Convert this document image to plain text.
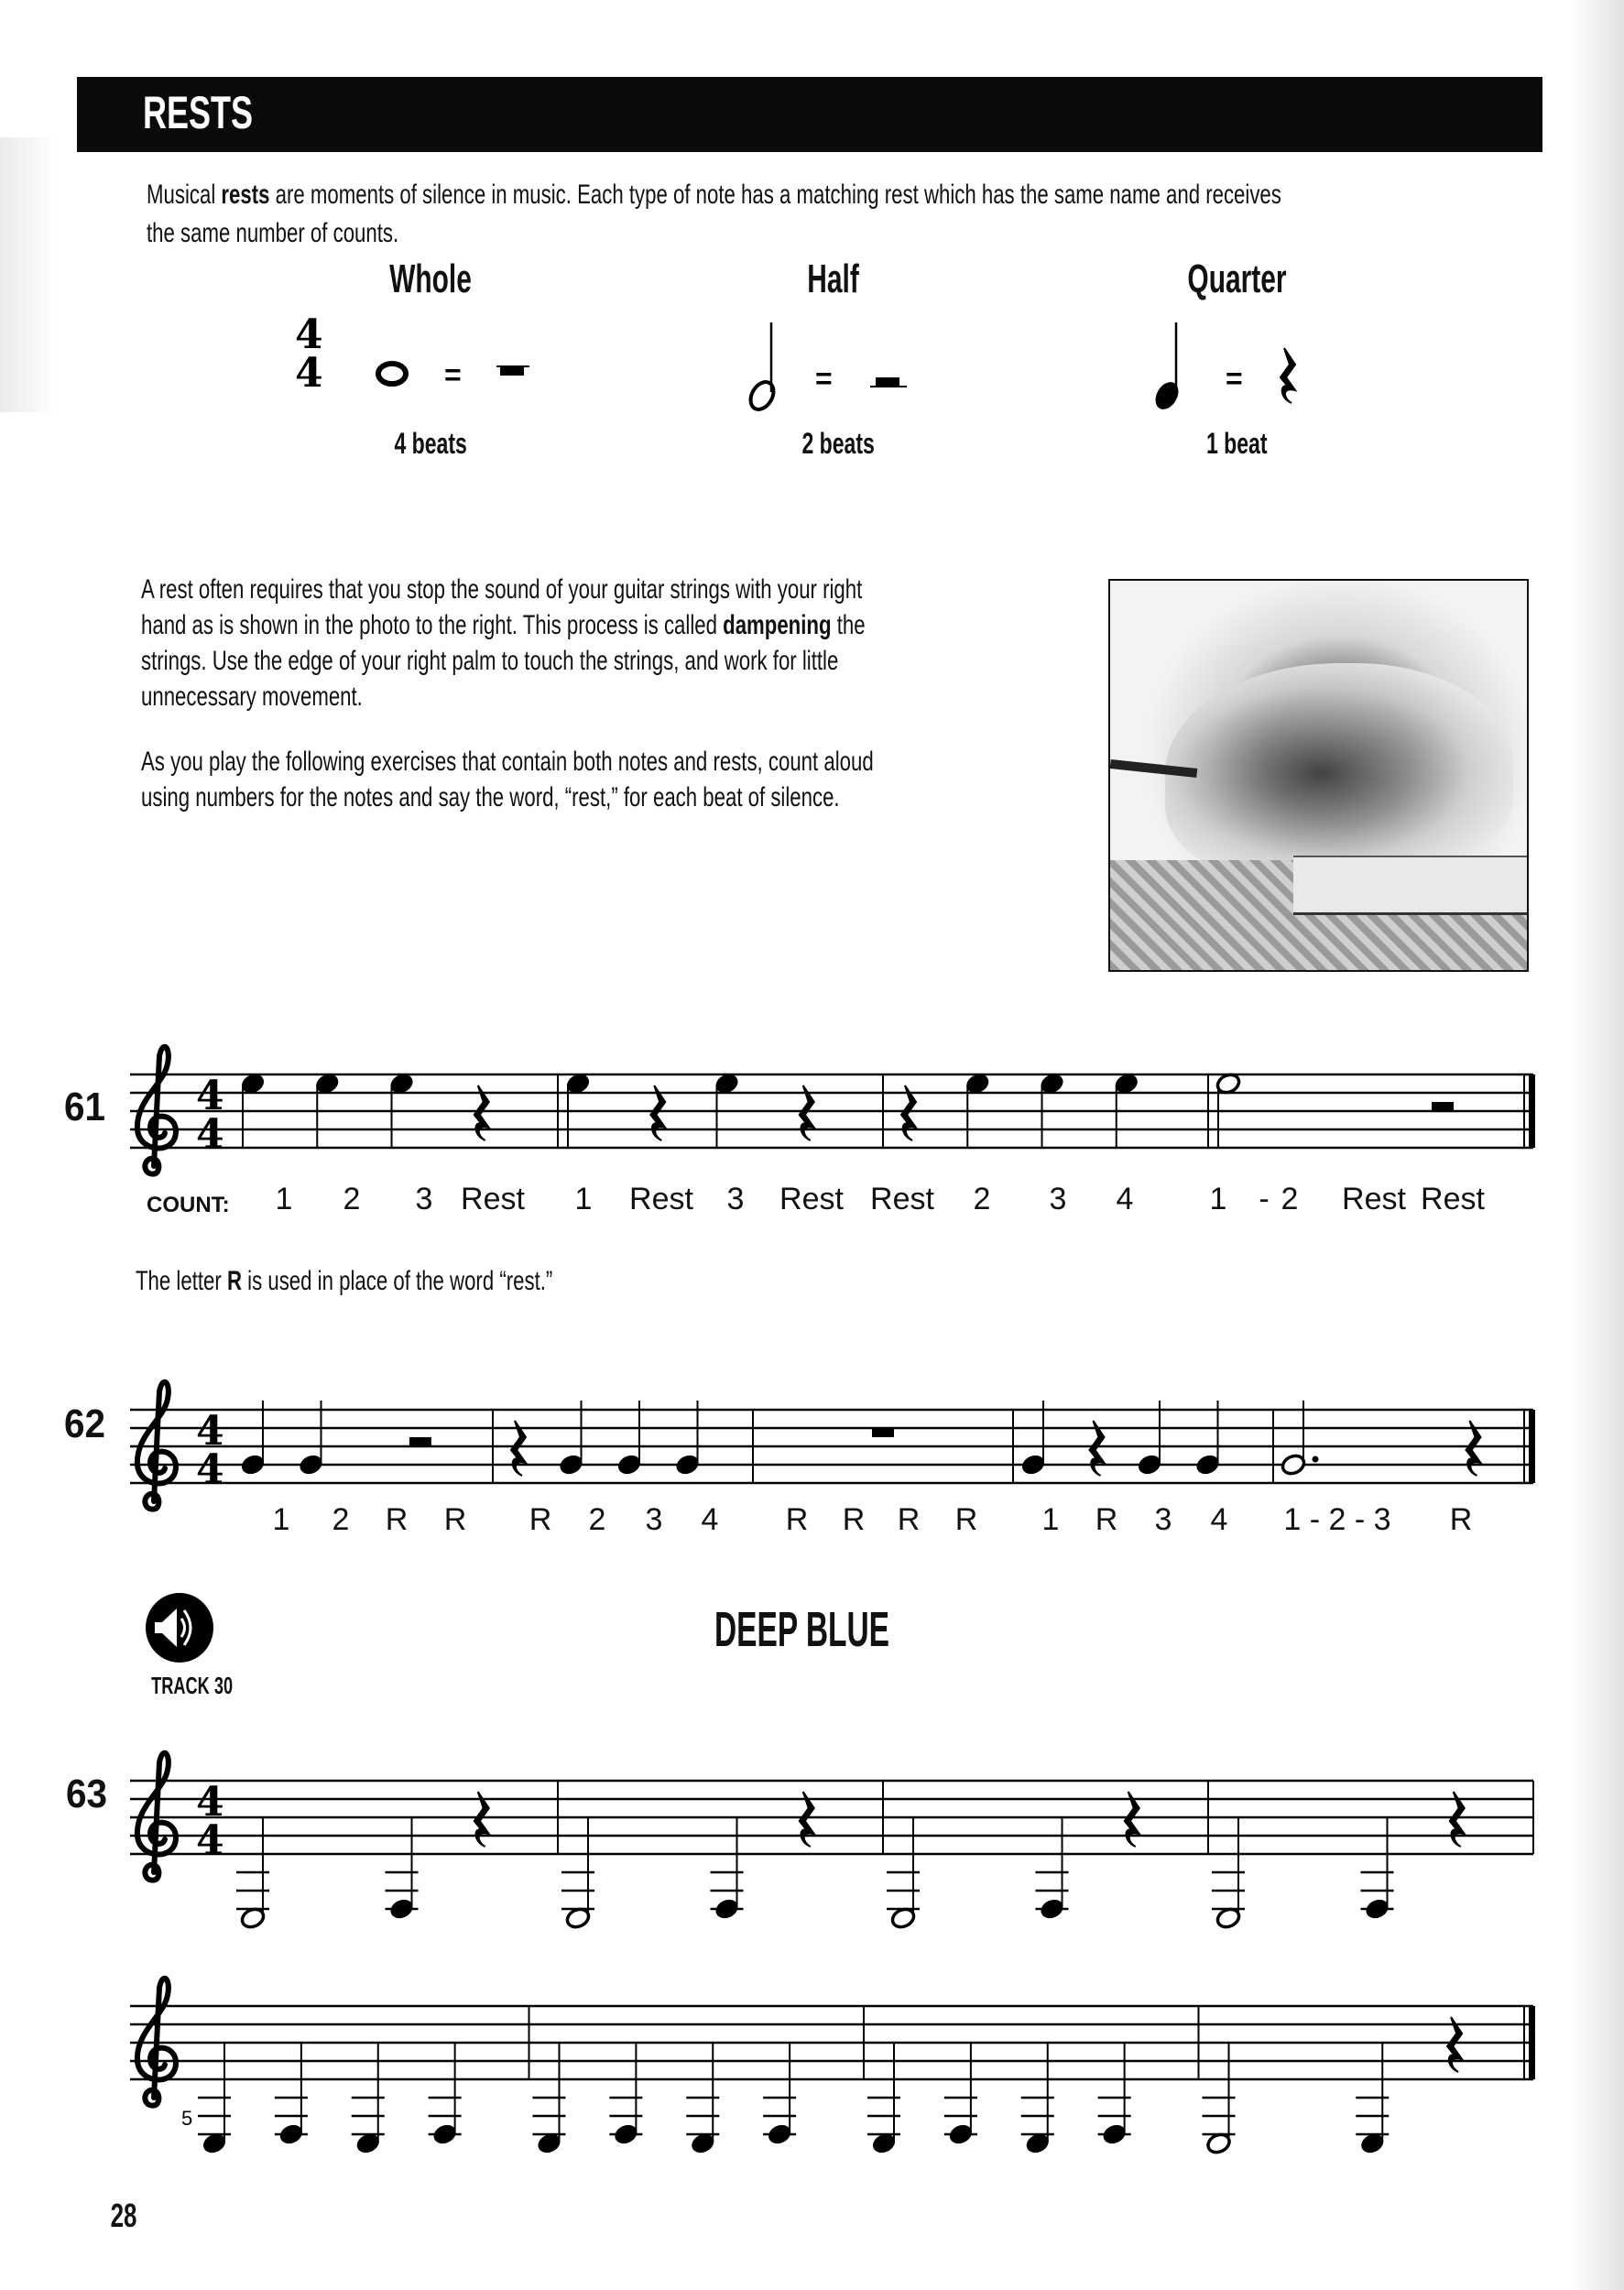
RESTS
Musical rests are moments of silence in music. Each type of note has a matching rest which has the same name and receives
the same number of counts.
Whole	Half	Quarter
4
4	=	=	=
4 beats	2 beats	1 beat
A rest often requires that you stop the sound of your guitar strings with your right
hand as is shown in the photo to the right. This process is called dampening the
strings. Use the edge of your right palm to touch the strings, and work for little
unnecessary movement.
As you play the following exercises that contain both notes and rests, count aloud
using numbers for the notes and say the word, “rest,” for each beat of silence.
61 4
4
COUNT: 1 2 3 Rest 1 Rest 3 Rest Rest 2 3 4 1 - 2 Rest Rest
The letter R is used in place of the word “rest.”
62 4
4
1 2 R R R 2 3 4 R R R R 1 R 3 4 1 - 2 - 3 R
TRACK 30
DEEP BLUE
63 4
4
5
28
